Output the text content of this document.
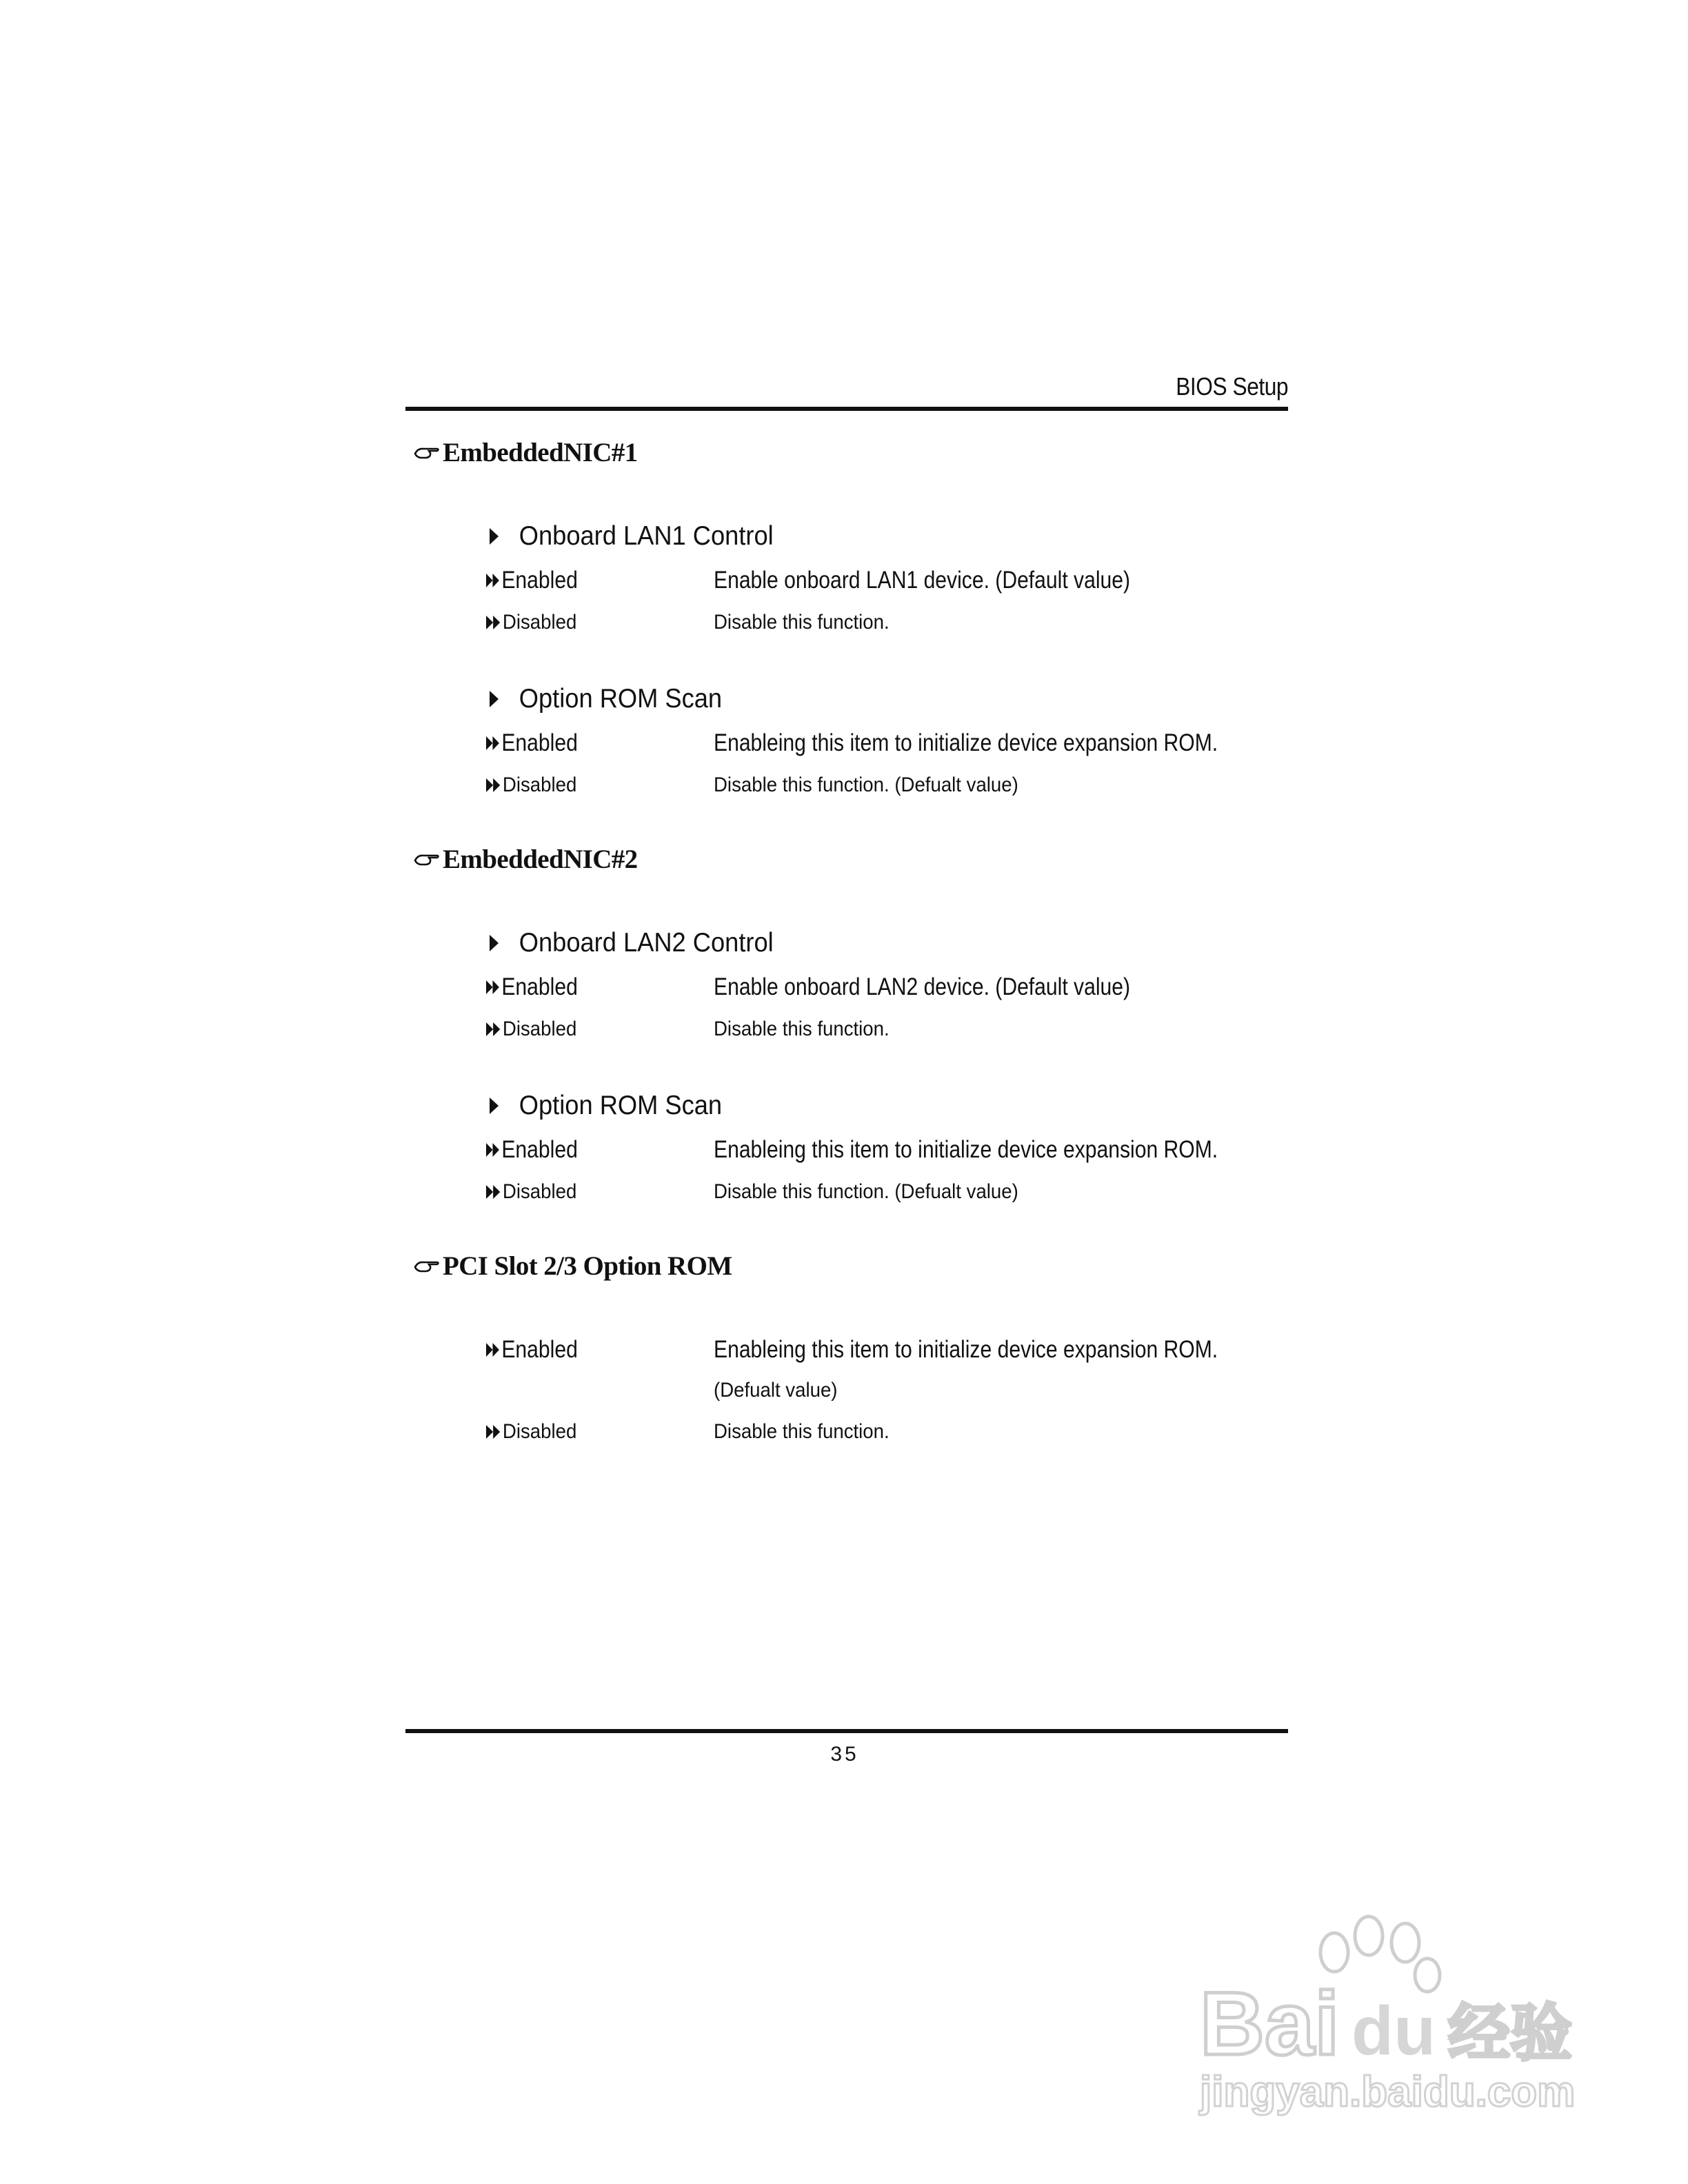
BIOS Setup
EmbeddedNIC#1
Onboard LAN1 Control
Enabled	Enable onboard LAN1 device. (Default value)
Disabled	Disable this function.
Option ROM Scan
Enabled	Enableing this item to initialize device expansion ROM.
Disabled	Disable this function. (Defualt value)
EmbeddedNIC#2
Onboard LAN2 Control
Enabled	Enable onboard LAN2 device. (Default value)
Disabled	Disable this function.
Option ROM Scan
Enabled	Enableing this item to initialize device expansion ROM.
Disabled	Disable this function. (Defualt value)
PCI Slot 2/3 Option ROM
Enabled	Enableing this item to initialize device expansion ROM.
(Defualt value)
Disabled	Disable this function.
35
Bai du 经验
jingyan.baidu.com
